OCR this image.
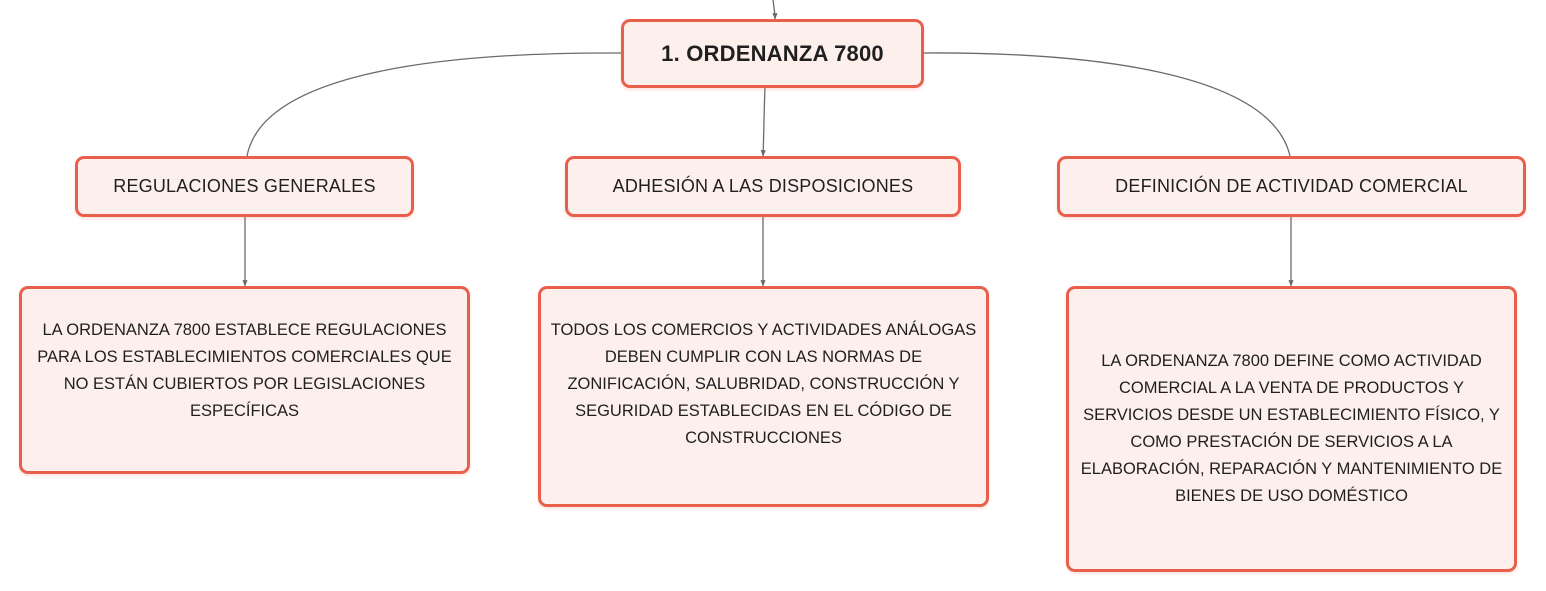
1. ORDENANZA 7800
REGULACIONES GENERALES	ADHESIÓN A LAS DISPOSICIONES	DEFINICIÓN DE ACTIVIDAD COMERCIAL
LA ORDENANZA 7800 ESTABLECE REGULACIONES PARA LOS ESTABLECIMIENTOS COMERCIALES QUE NO ESTÁN CUBIERTOS POR LEGISLACIONES ESPECÍFICAS
TODOS LOS COMERCIOS Y ACTIVIDADES ANÁLOGAS DEBEN CUMPLIR CON LAS NORMAS DE ZONIFICACIÓN, SALUBRIDAD, CONSTRUCCIÓN Y SEGURIDAD ESTABLECIDAS EN EL CÓDIGO DE CONSTRUCCIONES
LA ORDENANZA 7800 DEFINE COMO ACTIVIDAD COMERCIAL A LA VENTA DE PRODUCTOS Y SERVICIOS DESDE UN ESTABLECIMIENTO FÍSICO, Y COMO PRESTACIÓN DE SERVICIOS A LA ELABORACIÓN, REPARACIÓN Y MANTENIMIENTO DE BIENES DE USO DOMÉSTICO
